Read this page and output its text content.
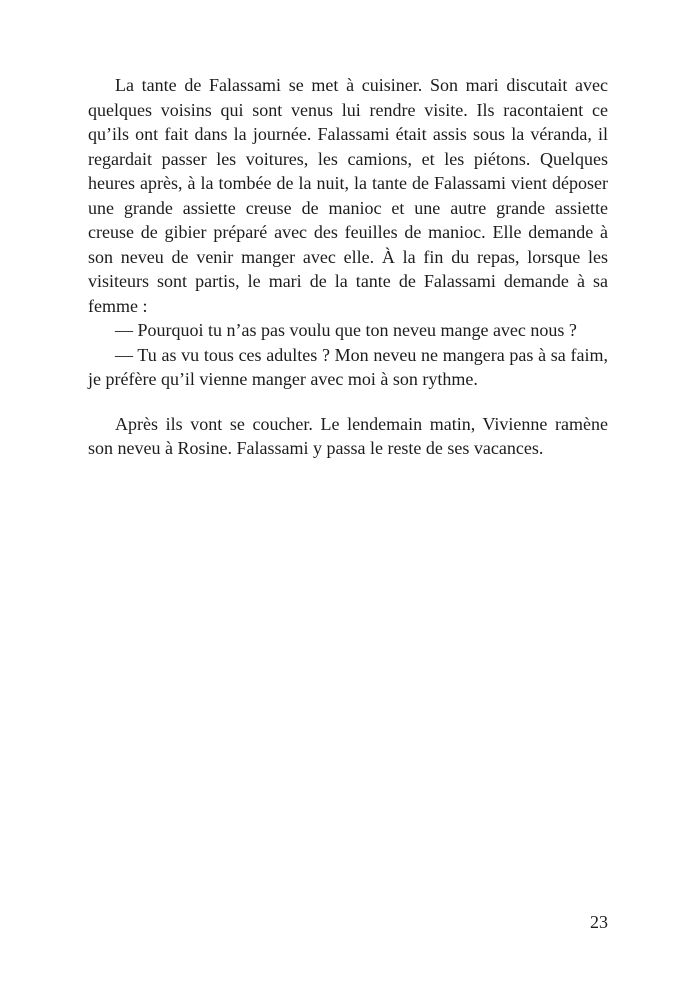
La tante de Falassami se met à cuisiner. Son mari discutait avec
quelques voisins qui sont venus lui rendre visite. Ils racontaient ce
qu’ils ont fait dans la journée. Falassami était assis sous la véranda, il
regardait passer les voitures, les camions, et les piétons. Quelques
heures après, à la tombée de la nuit, la tante de Falassami vient déposer
une grande assiette creuse de manioc et une autre grande assiette
creuse de gibier préparé avec des feuilles de manioc. Elle demande à
son neveu de venir manger avec elle. À la fin du repas, lorsque les
visiteurs sont partis, le mari de la tante de Falassami demande à sa
femme :
— Pourquoi tu n’as pas voulu que ton neveu mange avec nous ?
— Tu as vu tous ces adultes ? Mon neveu ne mangera pas à sa faim,
je préfère qu’il vienne manger avec moi à son rythme.
Après ils vont se coucher. Le lendemain matin, Vivienne ramène
son neveu à Rosine. Falassami y passa le reste de ses vacances.
23
